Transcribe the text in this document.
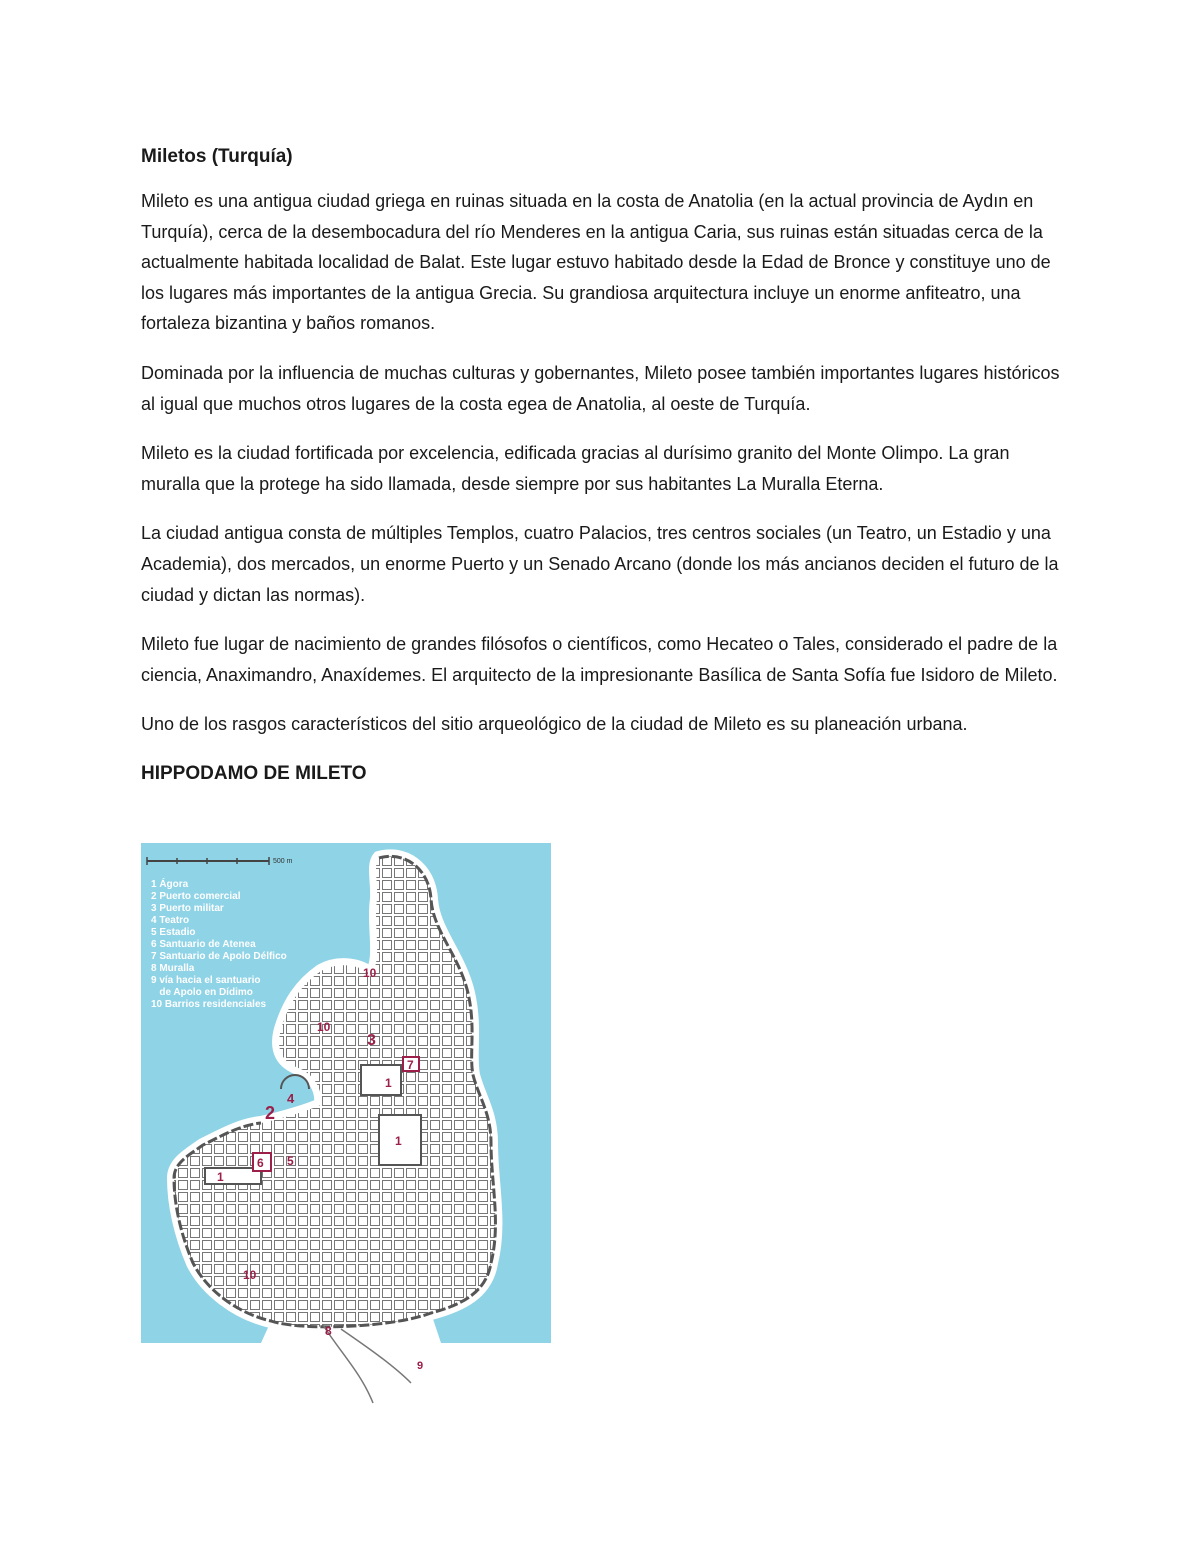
Miletos (Turquía)

Mileto es una antigua ciudad griega en ruinas situada en la costa de Anatolia (en la actual provincia de Aydın en Turquía), cerca de la desembocadura del río Menderes en la antigua Caria, sus ruinas están situadas cerca de la actualmente habitada localidad de Balat. Este lugar estuvo habitado desde la Edad de Bronce y constituye uno de los lugares más importantes de la antigua Grecia. Su grandiosa arquitectura incluye un enorme anfiteatro, una fortaleza bizantina y baños romanos.

Dominada por la influencia de muchas culturas y gobernantes, Mileto posee también importantes lugares históricos al igual que muchos otros lugares de la costa egea de Anatolia, al oeste de Turquía.

Mileto es la ciudad fortificada por excelencia, edificada gracias al durísimo granito del Monte Olimpo. La gran muralla que la protege ha sido llamada, desde siempre por sus habitantes La Muralla Eterna.

La ciudad antigua consta de múltiples Templos, cuatro Palacios, tres centros sociales (un Teatro, un Estadio y una Academia), dos mercados, un enorme Puerto y un Senado Arcano (donde los más ancianos deciden el futuro de la ciudad y dictan las normas).

Mileto fue lugar de nacimiento de grandes filósofos o científicos, como Hecateo o Tales, considerado el padre de la ciencia, Anaximandro, Anaxídemes. El arquitecto de la impresionante Basílica de Santa Sofía fue Isidoro de Mileto.

Uno de los rasgos característicos del sitio arqueológico de la ciudad de Mileto es su planeación urbana.

HIPPODAMO DE MILETO

500 m
1 Ágora
2 Puerto comercial
3 Puerto militar
4 Teatro
5 Estadio
6 Santuario de Atenea
7 Santuario de Apolo Délfico
8 Muralla
9 vía hacia el santuario
de Apolo en Dídimo
10 Barrios residenciales
10
10
3
7
1
4
2
1
6 5
1
10
8
9
